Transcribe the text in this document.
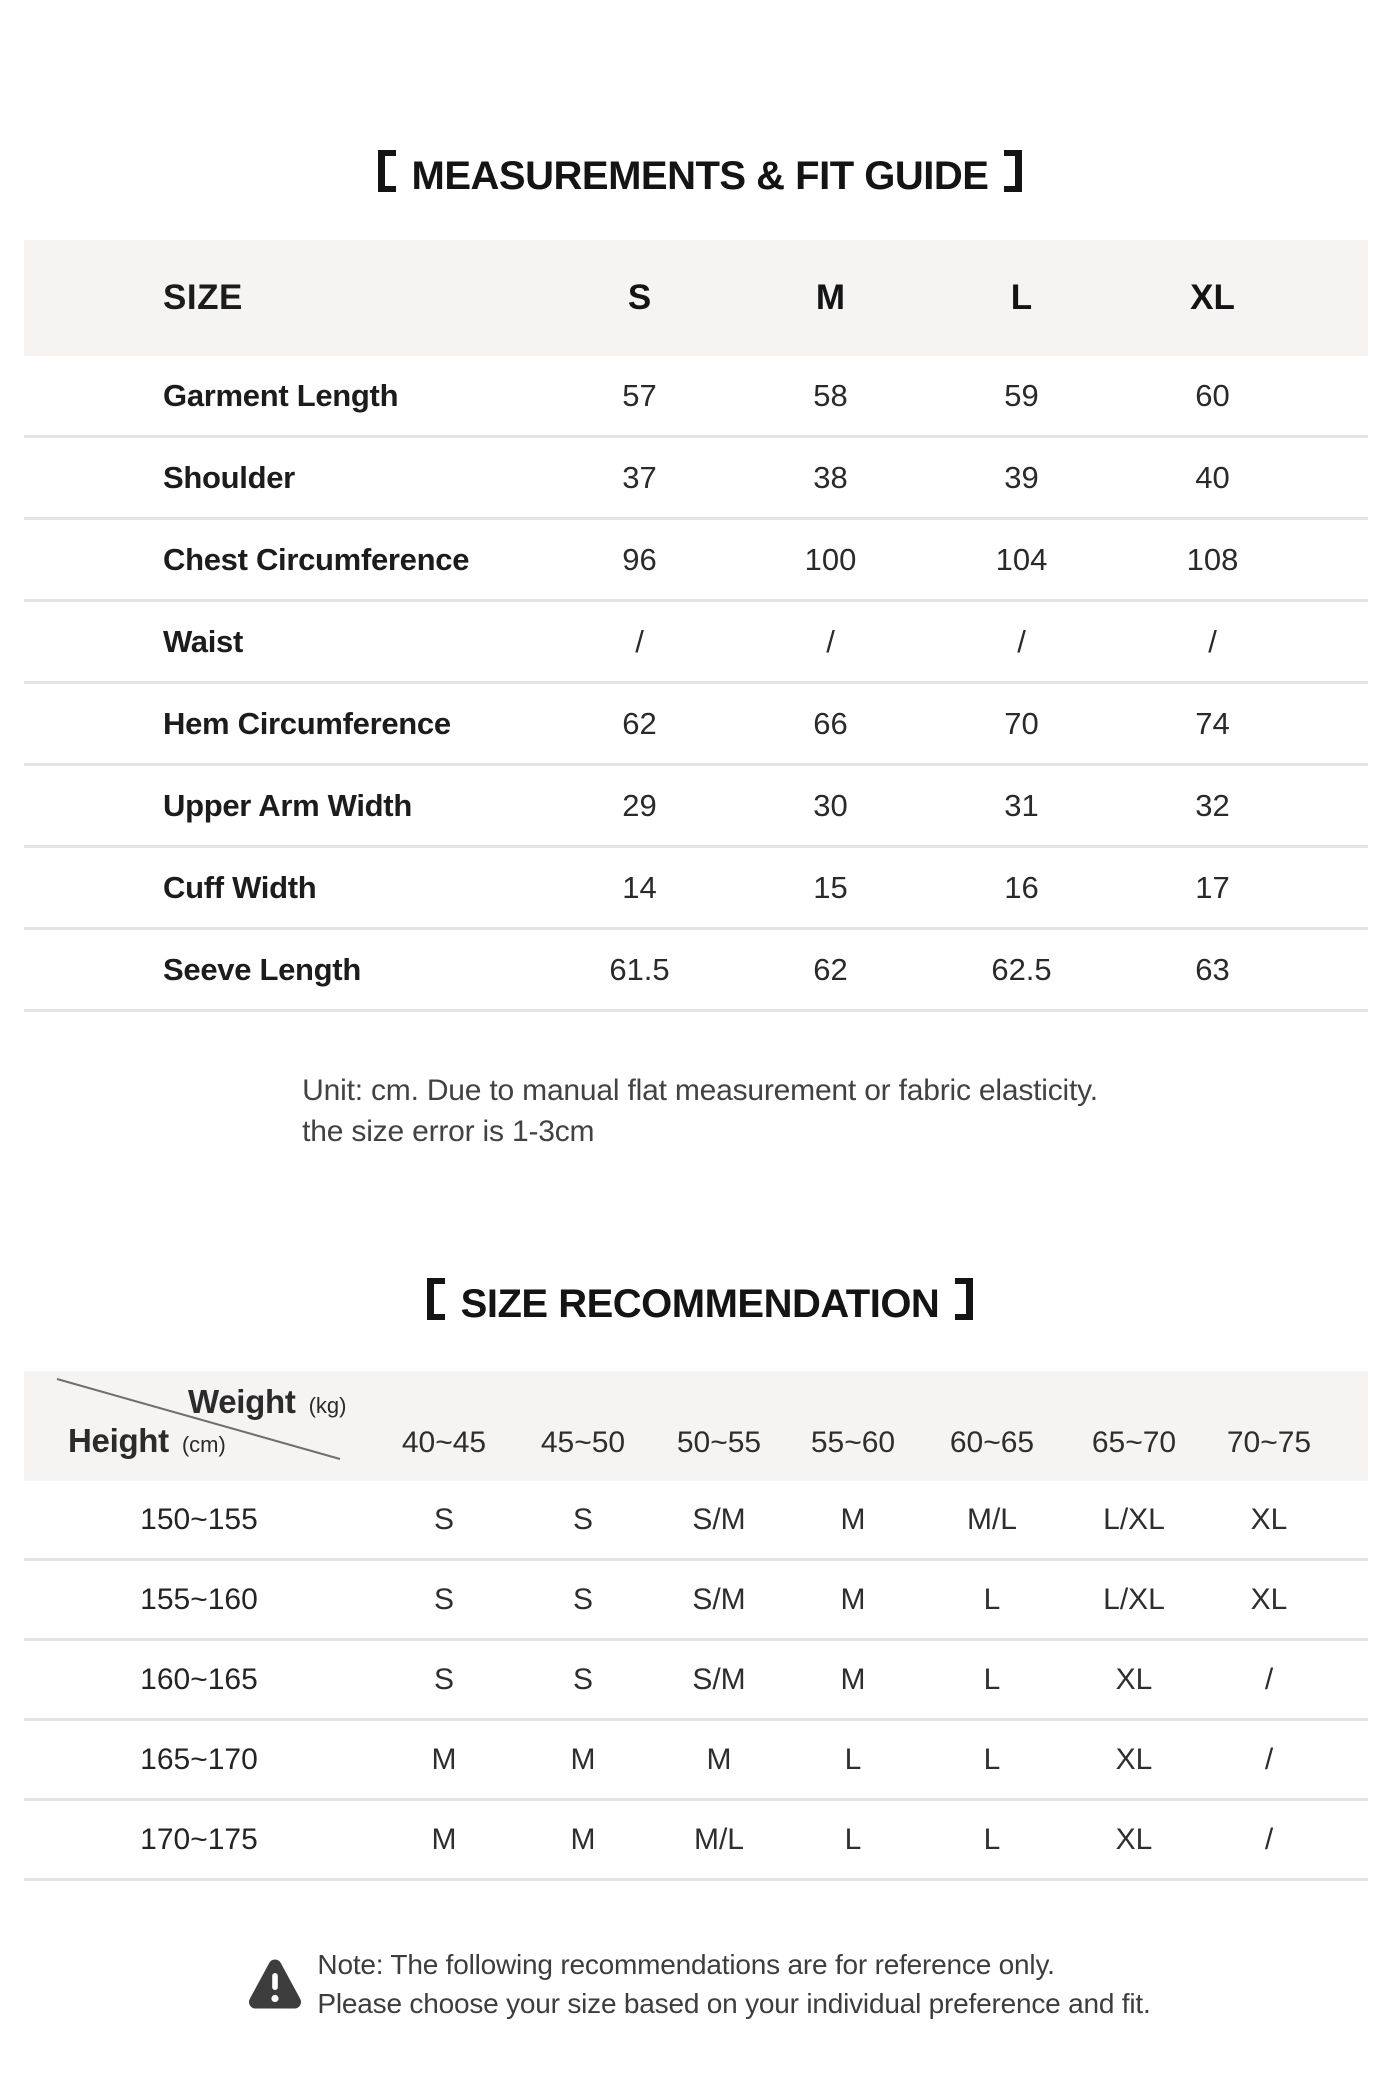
MEASUREMENTS & FIT GUIDE
SIZE	S	M	L	XL
Garment Length	57	58	59	60
Shoulder	37	38	39	40
Chest Circumference	96	100	104	108
Waist	/	/	/	/
Hem Circumference	62	66	70	74
Upper Arm Width	29	30	31	32
Cuff Width	14	15	16	17
Seeve Length	61.5	62	62.5	63
Unit: cm. Due to manual flat measurement or fabric elasticity.
the size error is 1-3cm
SIZE RECOMMENDATION
Weight (kg)
Height (cm)	40~45	45~50	50~55	55~60	60~65	65~70	70~75
150~155	S	S	S/M	M	M/L	L/XL	XL
155~160	S	S	S/M	M	L	L/XL	XL
160~165	S	S	S/M	M	L	XL	/
165~170	M	M	M	L	L	XL	/
170~175	M	M	M/L	L	L	XL	/
Note: The following recommendations are for reference only.
Please choose your size based on your individual preference and fit.
